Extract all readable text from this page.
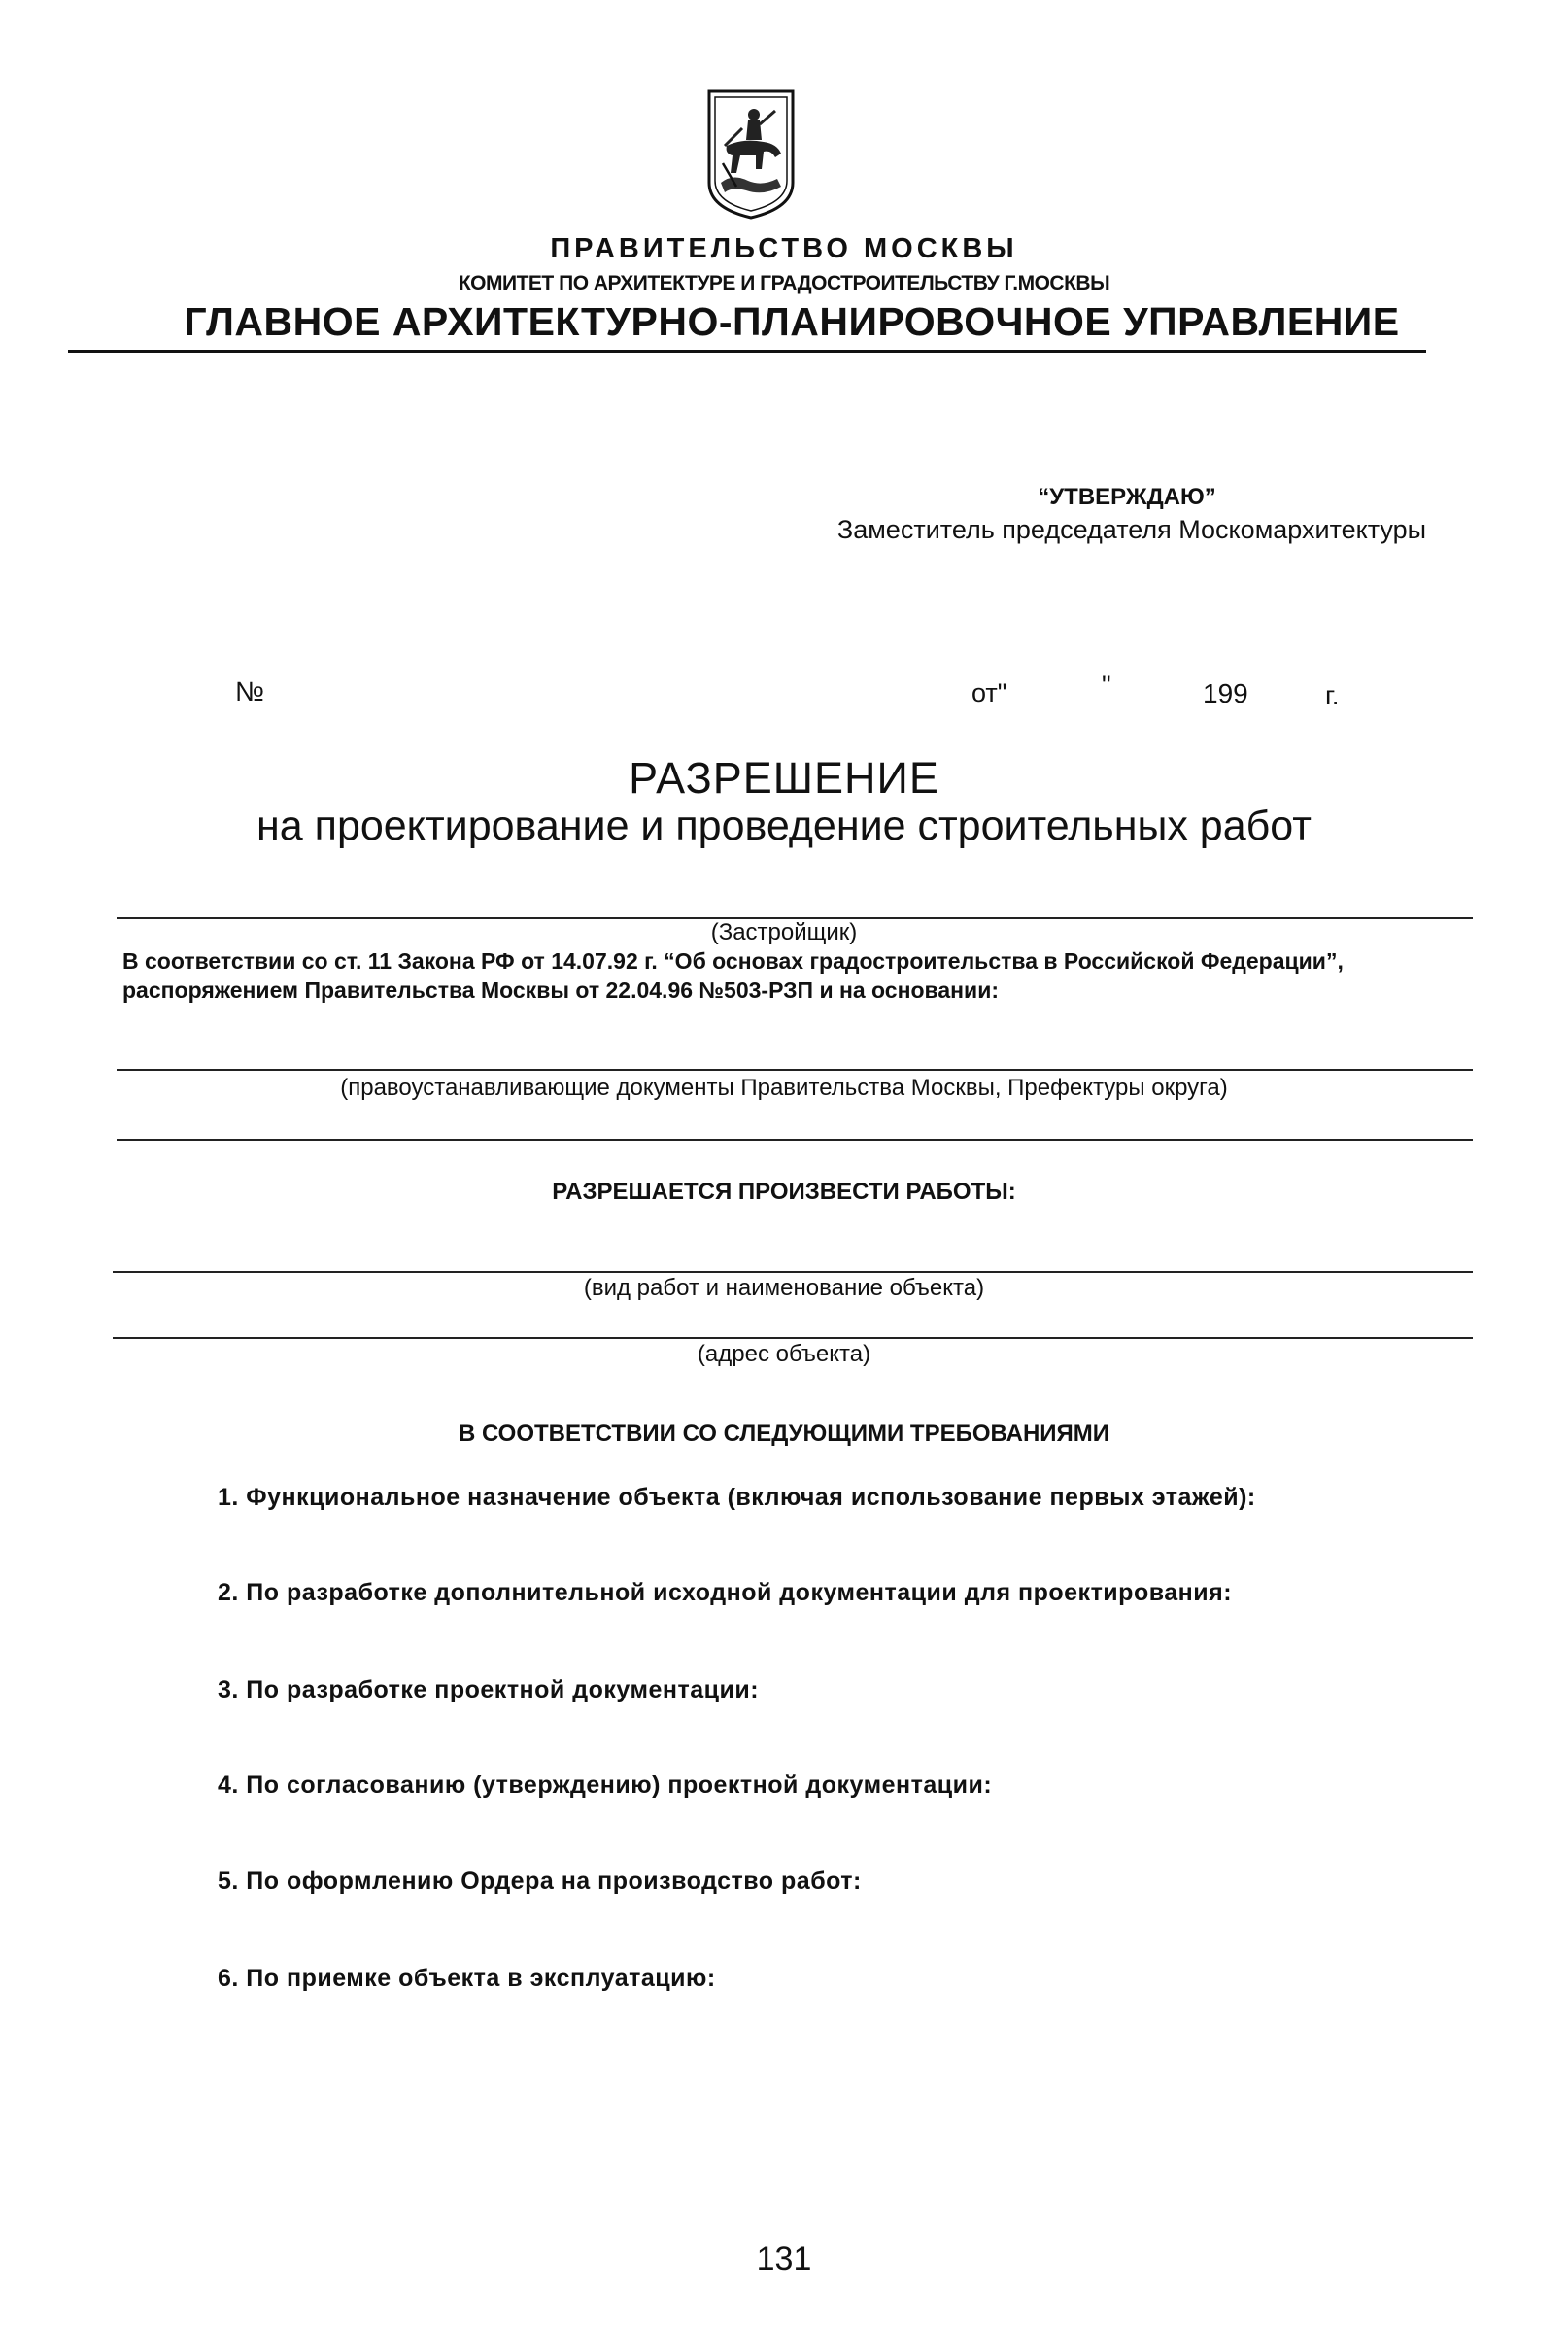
ПРАВИТЕЛЬСТВО МОСКВЫ
КОМИТЕТ ПО АРХИТЕКТУРЕ И ГРАДОСТРОИТЕЛЬСТВУ Г.МОСКВЫ
ГЛАВНОЕ АРХИТЕКТУРНО-ПЛАНИРОВОЧНОЕ УПРАВЛЕНИЕ
“УТВЕРЖДАЮ”
Заместитель председателя Москомархитектуры
№	от"	"	199	г.
РАЗРЕШЕНИЕ
на проектирование и проведение строительных работ
(Застройщик)
В соответствии со ст. 11 Закона РФ от 14.07.92 г. “Об основах градостроительства в Российской Федерации”, распоряжением Правительства Москвы от 22.04.96 №503-РЗП и на основании:
(правоустанавливающие документы Правительства Москвы, Префектуры округа)
РАЗРЕШАЕТСЯ ПРОИЗВЕСТИ РАБОТЫ:
(вид работ и наименование объекта)
(адрес объекта)
В СООТВЕТСТВИИ СО СЛЕДУЮЩИМИ ТРЕБОВАНИЯМИ
1. Функциональное назначение объекта (включая использование первых этажей):
2. По разработке дополнительной исходной документации для проектирования:
3. По разработке проектной документации:
4. По согласованию (утверждению) проектной документации:
5. По оформлению Ордера на производство работ:
6. По приемке объекта в эксплуатацию:
131
